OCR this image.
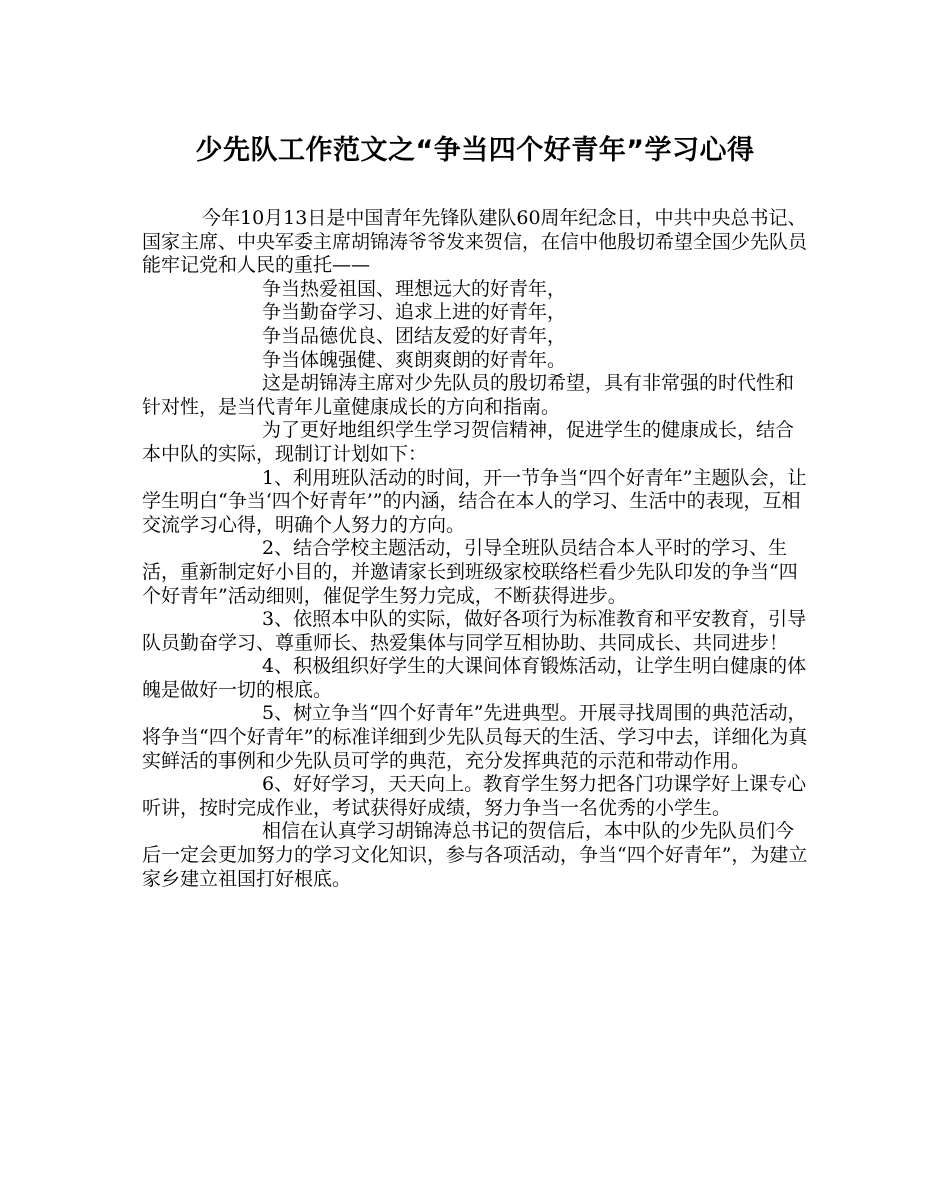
少先队工作范文之“争当四个好青年”学习心得

今年10月13日是中国青年先锋队建队60周年纪念日，中共中央总书记、国家主席、中央军委主席胡锦涛爷爷发来贺信，在信中他殷切希望全国少先队员能牢记党和人民的重托——

争当热爱祖国、理想远大的好青年，

争当勤奋学习、追求上进的好青年，

争当品德优良、团结友爱的好青年，

争当体魄强健、爽朗爽朗的好青年。

这是胡锦涛主席对少先队员的殷切希望，具有非常强的时代性和针对性，是当代青年儿童健康成长的方向和指南。

为了更好地组织学生学习贺信精神，促进学生的健康成长，结合本中队的实际，现制订计划如下：

1、利用班队活动的时间，开一节争当“四个好青年”主题队会，让学生明白“争当‘四个好青年’”的内涵，结合在本人的学习、生活中的表现，互相交流学习心得，明确个人努力的方向。

2、结合学校主题活动，引导全班队员结合本人平时的学习、生活，重新制定好小目的，并邀请家长到班级家校联络栏看少先队印发的争当“四个好青年”活动细则，催促学生努力完成，不断获得进步。

3、依照本中队的实际，做好各项行为标准教育和平安教育，引导队员勤奋学习、尊重师长、热爱集体与同学互相协助、共同成长、共同进步！

4、积极组织好学生的大课间体育锻炼活动，让学生明白健康的体魄是做好一切的根底。

5、树立争当“四个好青年”先进典型。开展寻找周围的典范活动，将争当“四个好青年”的标准详细到少先队员每天的生活、学习中去，详细化为真实鲜活的事例和少先队员可学的典范，充分发挥典范的示范和带动作用。

6、好好学习，天天向上。教育学生努力把各门功课学好上课专心听讲，按时完成作业，考试获得好成绩，努力争当一名优秀的小学生。

相信在认真学习胡锦涛总书记的贺信后，本中队的少先队员们今后一定会更加努力的学习文化知识，参与各项活动，争当“四个好青年”，为建立家乡建立祖国打好根底。
